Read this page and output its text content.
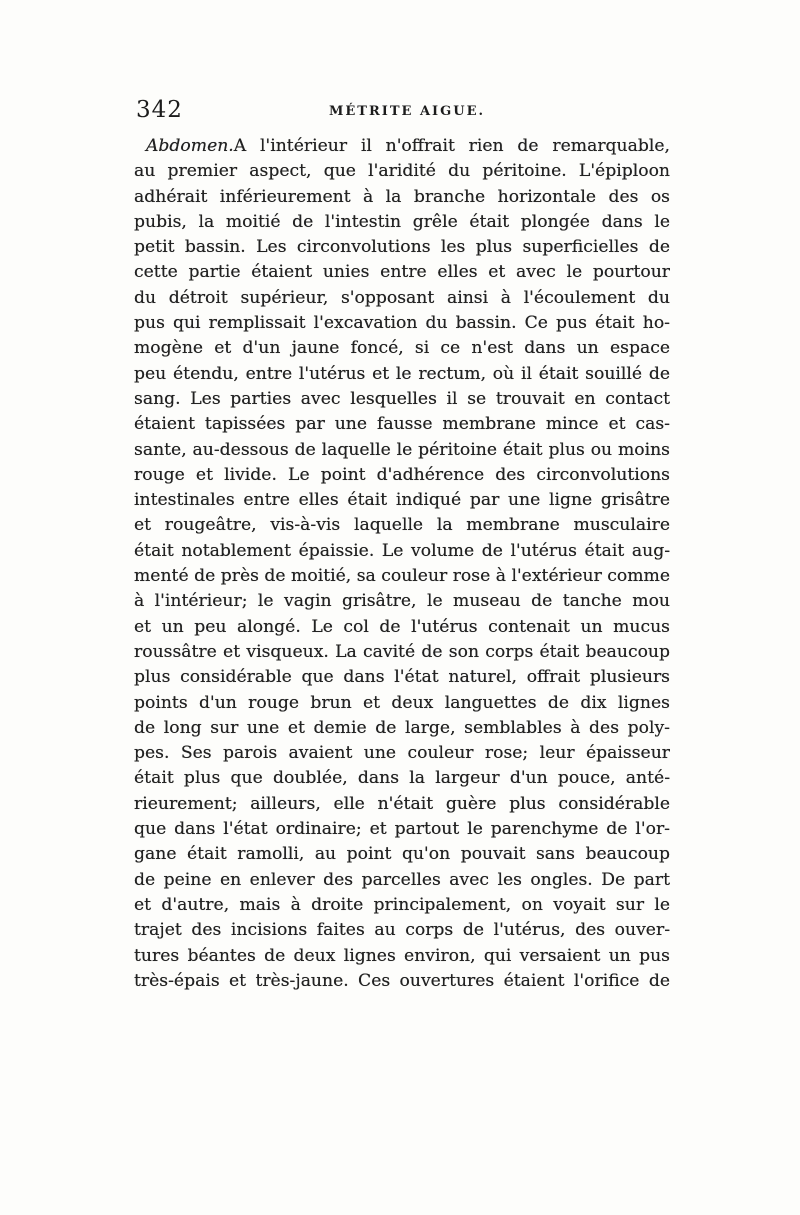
342	MÉTRITE AIGUE.
Abdomen.A l'intérieur il n'offrait rien de remarquable,
au premier aspect, que l'aridité du péritoine. L'épiploon
adhérait inférieurement à la branche horizontale des os
pubis, la moitié de l'intestin grêle était plongée dans le
petit bassin. Les circonvolutions les plus superficielles de
cette partie étaient unies entre elles et avec le pourtour
du détroit supérieur, s'opposant ainsi à l'écoulement du
pus qui remplissait l'excavation du bassin. Ce pus était ho-
mogène et d'un jaune foncé, si ce n'est dans un espace
peu étendu, entre l'utérus et le rectum, où il était souillé de
sang. Les parties avec lesquelles il se trouvait en contact
étaient tapissées par une fausse membrane mince et cas-
sante, au-dessous de laquelle le péritoine était plus ou moins
rouge et livide. Le point d'adhérence des circonvolutions
intestinales entre elles était indiqué par une ligne grisâtre
et rougeâtre, vis-à-vis laquelle la membrane musculaire
était notablement épaissie. Le volume de l'utérus était aug-
menté de près de moitié, sa couleur rose à l'extérieur comme
à l'intérieur; le vagin grisâtre, le museau de tanche mou
et un peu alongé. Le col de l'utérus contenait un mucus
roussâtre et visqueux. La cavité de son corps était beaucoup
plus considérable que dans l'état naturel, offrait plusieurs
points d'un rouge brun et deux languettes de dix lignes
de long sur une et demie de large, semblables à des poly-
pes. Ses parois avaient une couleur rose; leur épaisseur
était plus que doublée, dans la largeur d'un pouce, anté-
rieurement; ailleurs, elle n'était guère plus considérable
que dans l'état ordinaire; et partout le parenchyme de l'or-
gane était ramolli, au point qu'on pouvait sans beaucoup
de peine en enlever des parcelles avec les ongles. De part
et d'autre, mais à droite principalement, on voyait sur le
trajet des incisions faites au corps de l'utérus, des ouver-
tures béantes de deux lignes environ, qui versaient un pus
très-épais et très-jaune. Ces ouvertures étaient l'orifice de
